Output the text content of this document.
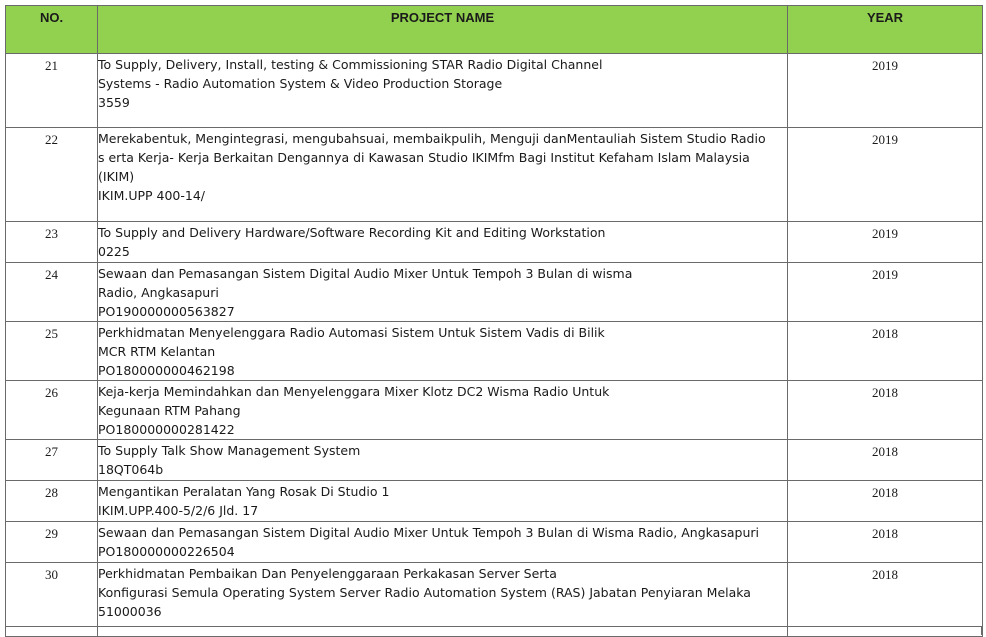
NO.	PROJECT NAME	YEAR
21	To Supply, Delivery, Install, testing & Commissioning STAR Radio Digital Channel
Systems - Radio Automation System & Video Production Storage
3559	2019
22	Merekabentuk, Mengintegrasi, mengubahsuai, membaikpulih, Menguji danMentauliah Sistem Studio Radio
s erta Kerja- Kerja Berkaitan Dengannya di Kawasan Studio IKIMfm Bagi Institut Kefaham Islam Malaysia
(IKIM)
IKIM.UPP 400-14/	2019
23	To Supply and Delivery Hardware/Software Recording Kit and Editing Workstation
0225	2019
24	Sewaan dan Pemasangan Sistem Digital Audio Mixer Untuk Tempoh 3 Bulan di wisma
Radio, Angkasapuri
PO190000000563827	2019
25	Perkhidmatan Menyelenggara Radio Automasi Sistem Untuk Sistem Vadis di Bilik
MCR RTM Kelantan
PO180000000462198	2018
26	Keja-kerja Memindahkan dan Menyelenggara Mixer Klotz DC2 Wisma Radio Untuk
Kegunaan RTM Pahang
PO180000000281422	2018
27	To Supply Talk Show Management System
18QT064b	2018
28	Mengantikan Peralatan Yang Rosak Di Studio 1
IKIM.UPP.400-5/2/6 Jld. 17	2018
29	Sewaan dan Pemasangan Sistem Digital Audio Mixer Untuk Tempoh 3 Bulan di Wisma Radio, Angkasapuri
PO180000000226504	2018
30	Perkhidmatan Pembaikan Dan Penyelenggaraan Perkakasan Server Serta
Konfigurasi Semula Operating System Server Radio Automation System (RAS) Jabatan Penyiaran Melaka
51000036	2018
